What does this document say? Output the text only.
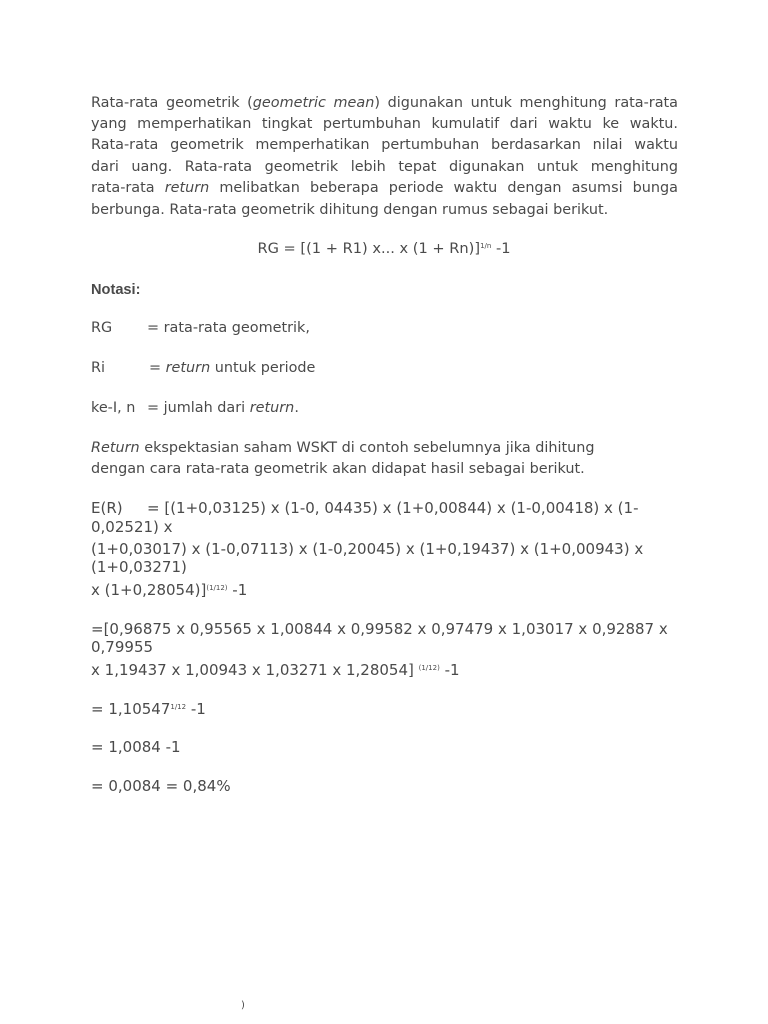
Rata-rata geometrik (geometric mean) digunakan untuk menghitung rata-rata
yang memperhatikan tingkat pertumbuhan kumulatif dari waktu ke waktu.
Rata-rata geometrik memperhatikan pertumbuhan berdasarkan nilai waktu
dari uang. Rata-rata geometrik lebih tepat digunakan untuk menghitung
rata-rata return melibatkan beberapa periode waktu dengan asumsi bunga
berbunga. Rata-rata geometrik dihitung dengan rumus sebagai berikut.
RG = [(1 + R1) x... x (1 + Rn)]$^{1/n}$ -1
Notasi:
RG = rata-rata geometrik,
Ri	= return untuk periode
ke-I, n = jumlah dari return.
Return ekspektasian saham WSKT di contoh sebelumnya jika dihitung
dengan cara rata-rata geometrik akan didapat hasil sebagai berikut.
E(R) = [(1+0,03125) x (1-0, 04435) x (1+0,00844) x (1-0,00418) x (1-
0,02521) x
(1+0,03017) x (1-0,07113) x (1-0,20045) x (1+0,19437) x (1+0,00943) x
(1+0,03271)
x (1+0,28054)]$^{(1/12)}$ -1
=[0,96875 x 0,95565 x 1,00844 x 0,99582 x 0,97479 x 1,03017 x 0,92887 x
0,79955
x 1,19437 x 1,00943 x 1,03271 x 1,28054] $^{(1/12)}$ -1
= $1,10547^{1/12}$ -1
= 1,0084 -1
= 0,0084 = 0,84%
)
